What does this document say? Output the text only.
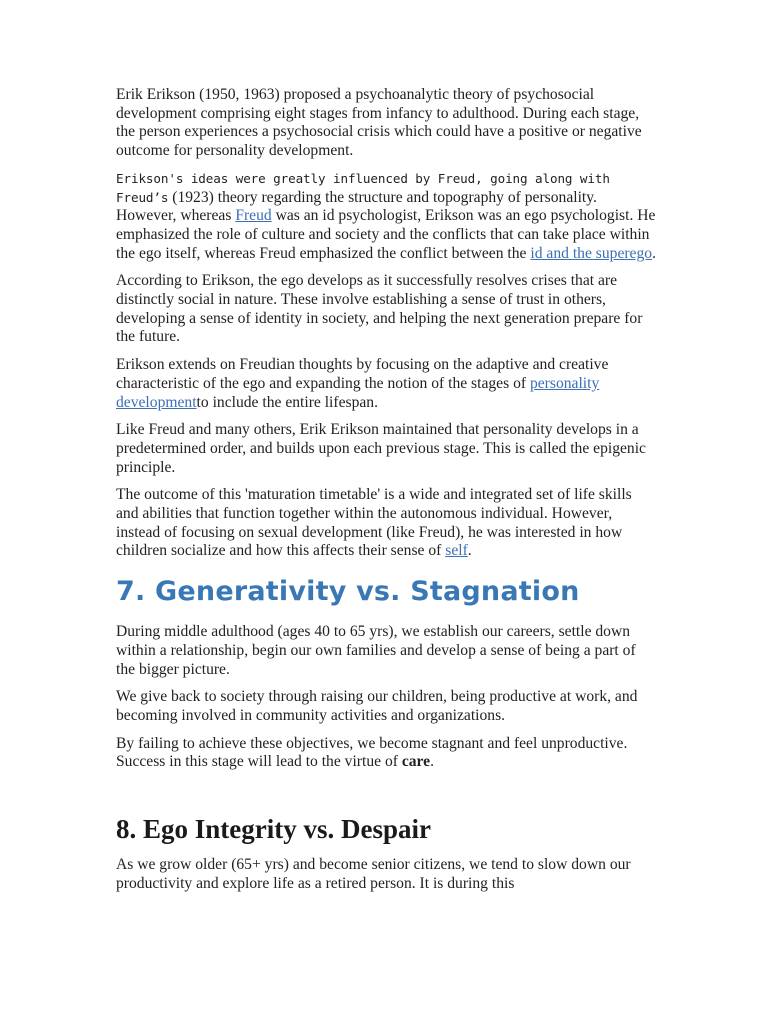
Erik Erikson (1950, 1963) proposed a psychoanalytic theory of psychosocial development comprising eight stages from infancy to adulthood. During each stage, the person experiences a psychosocial crisis which could have a positive or negative outcome for personality development.

Erikson's ideas were greatly influenced by Freud, going along with Freud’s (1923) theory regarding the structure and topography of personality. However, whereas Freud was an id psychologist, Erikson was an ego psychologist. He emphasized the role of culture and society and the conflicts that can take place within the ego itself, whereas Freud emphasized the conflict between the id and the superego.

According to Erikson, the ego develops as it successfully resolves crises that are distinctly social in nature. These involve establishing a sense of trust in others, developing a sense of identity in society, and helping the next generation prepare for the future.

Erikson extends on Freudian thoughts by focusing on the adaptive and creative characteristic of the ego and expanding the notion of the stages of personality developmentto include the entire lifespan.

Like Freud and many others, Erik Erikson maintained that personality develops in a predetermined order, and builds upon each previous stage. This is called the epigenic principle.

The outcome of this 'maturation timetable' is a wide and integrated set of life skills and abilities that function together within the autonomous individual. However, instead of focusing on sexual development (like Freud), he was interested in how children socialize and how this affects their sense of self.

7. Generativity vs. Stagnation

During middle adulthood (ages 40 to 65 yrs), we establish our careers, settle down within a relationship, begin our own families and develop a sense of being a part of the bigger picture.

We give back to society through raising our children, being productive at work, and becoming involved in community activities and organizations.

By failing to achieve these objectives, we become stagnant and feel unproductive. Success in this stage will lead to the virtue of care.

8. Ego Integrity vs. Despair

As we grow older (65+ yrs) and become senior citizens, we tend to slow down our productivity and explore life as a retired person. It is during this
